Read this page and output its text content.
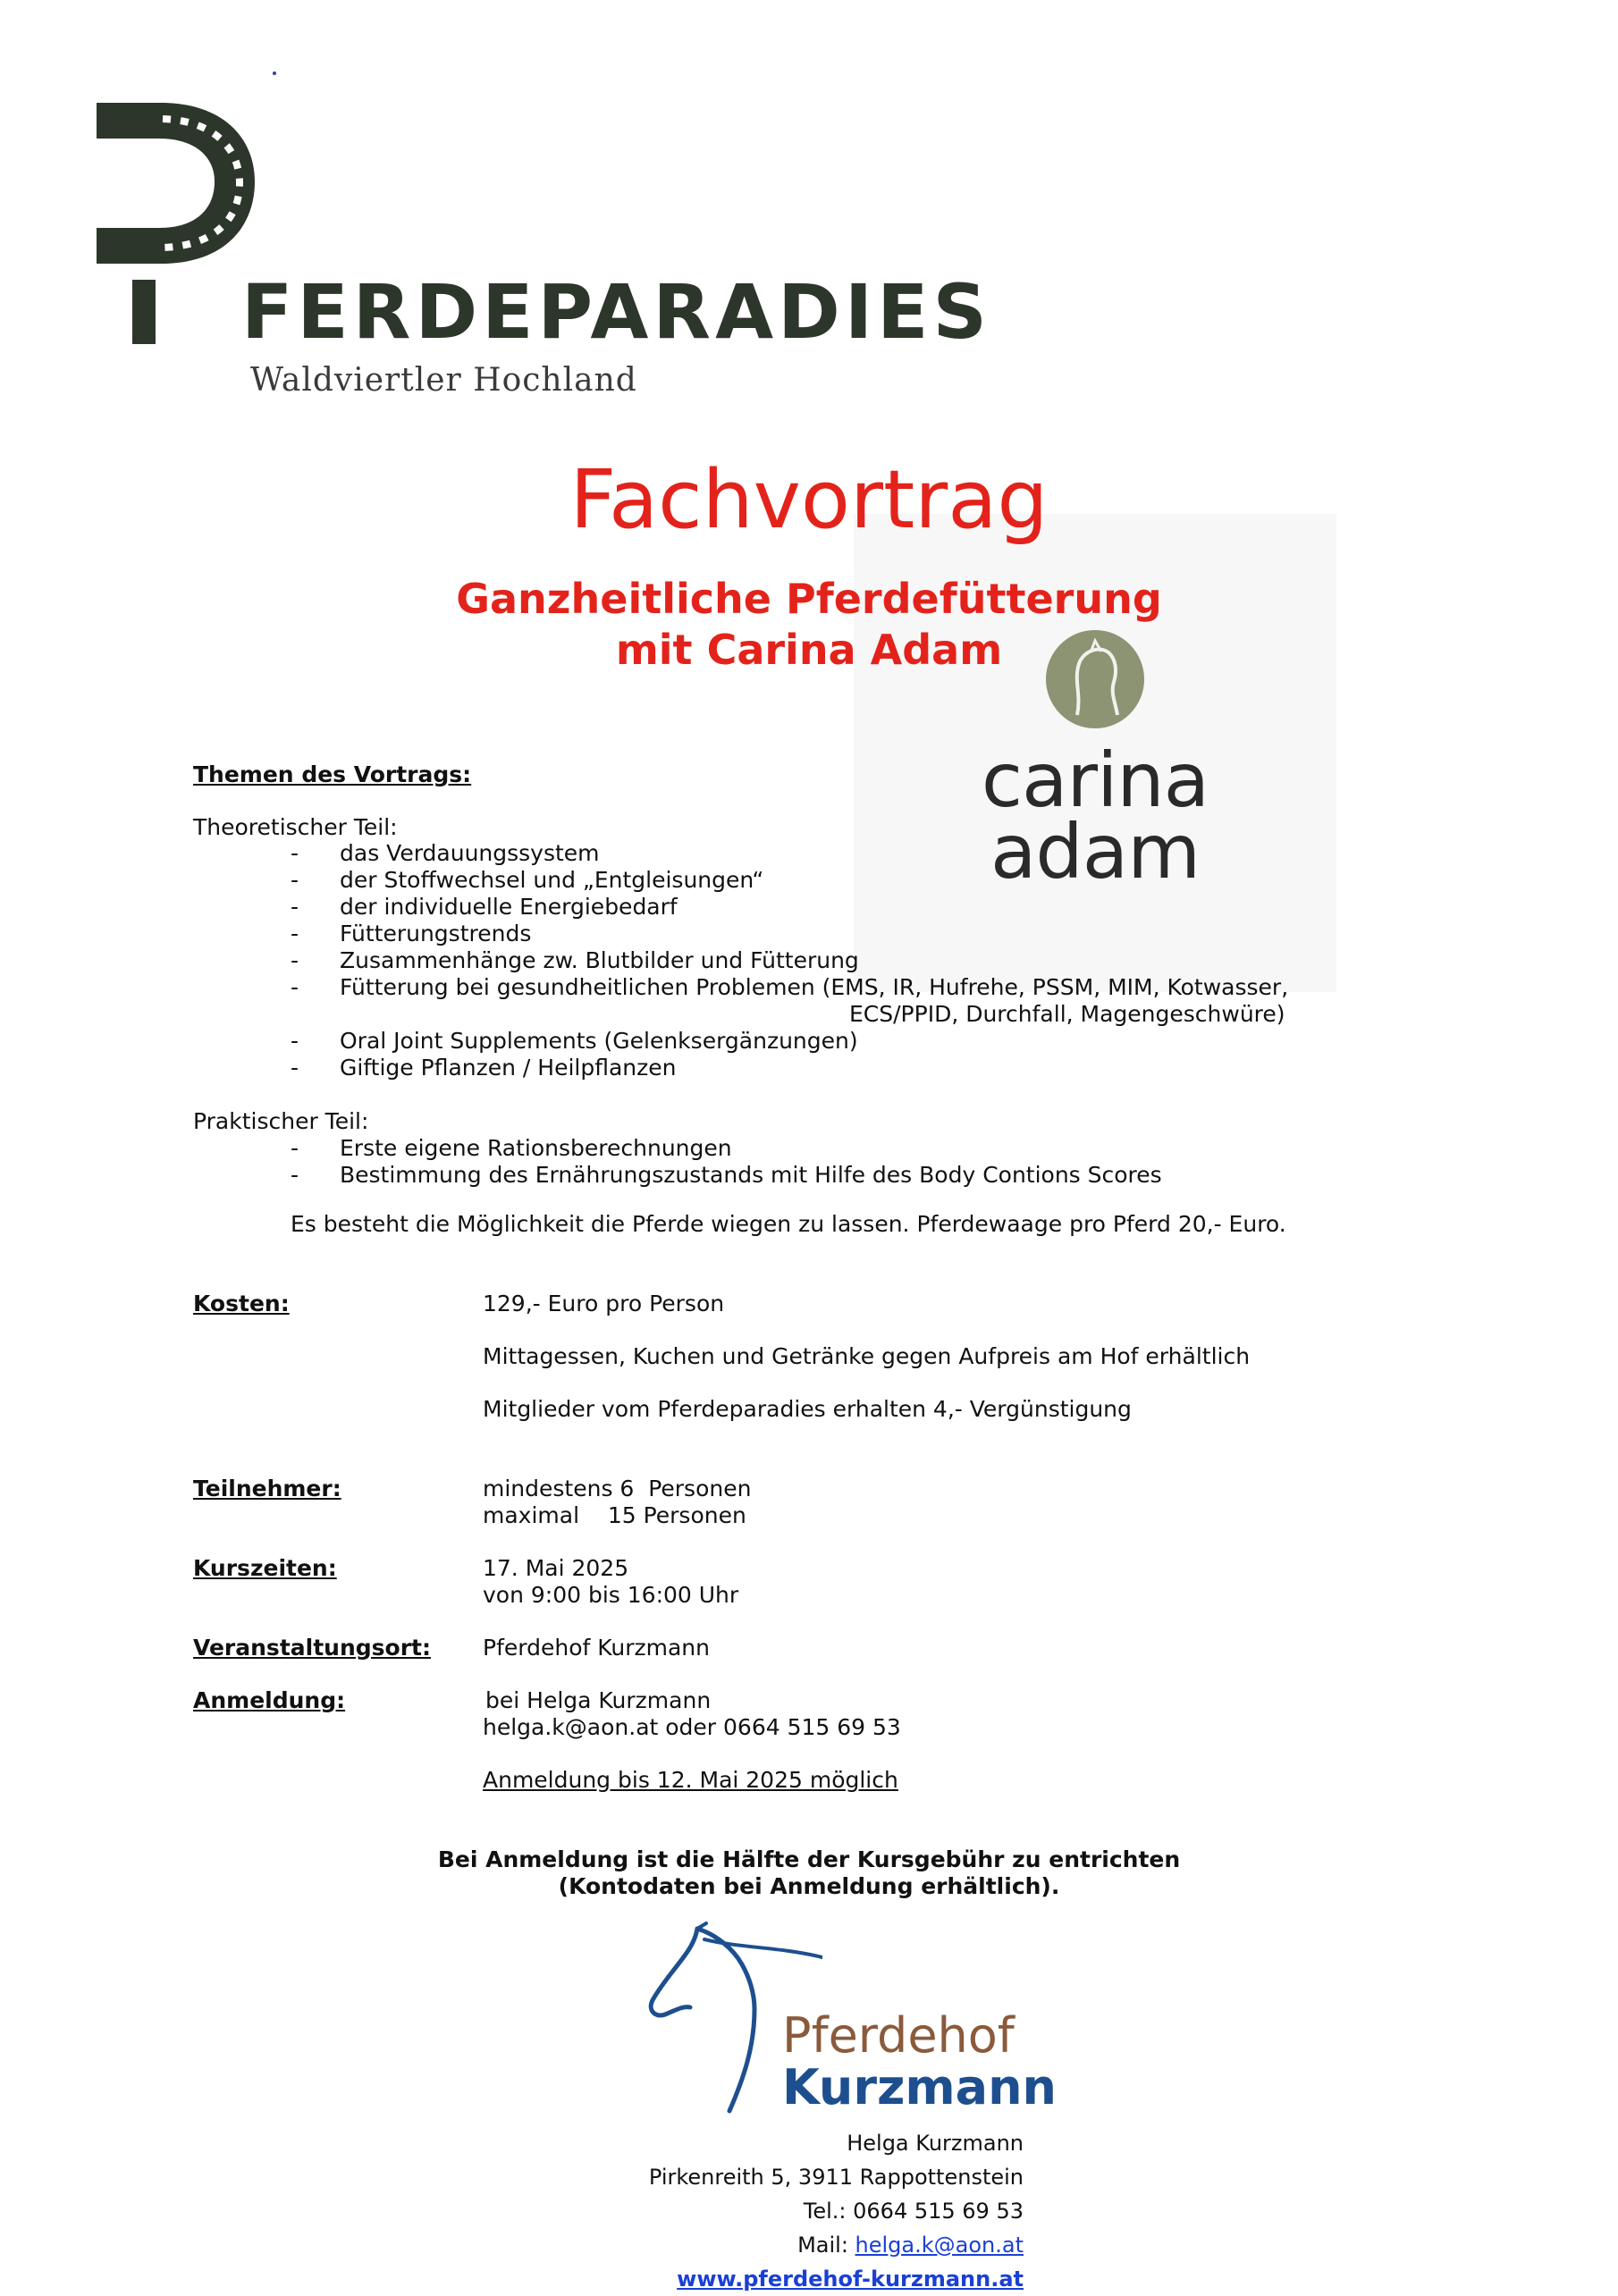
FERDEPARADIES
Waldviertler Hochland
carina
adam
Fachvortrag
Ganzheitliche Pferdefütterung
mit Carina Adam
Themen des Vortrags:
Theoretischer Teil:
- das Verdauungssystem
- der Stoffwechsel und „Entgleisungen“
- der individuelle Energiebedarf
- Fütterungstrends
- Zusammenhänge zw. Blutbilder und Fütterung
- Fütterung bei gesundheitlichen Problemen (EMS, IR, Hufrehe, PSSM, MIM, Kotwasser,
ECS/PPID, Durchfall, Magengeschwüre)
- Oral Joint Supplements (Gelenksergänzungen)
- Giftige Pflanzen / Heilpflanzen
Praktischer Teil:
- Erste eigene Rationsberechnungen
- Bestimmung des Ernährungszustands mit Hilfe des Body Contions Scores
Es besteht die Möglichkeit die Pferde wiegen zu lassen. Pferdewaage pro Pferd 20,- Euro.
Kosten:	129,- Euro pro Person
Mittagessen, Kuchen und Getränke gegen Aufpreis am Hof erhältlich
Mitglieder vom Pferdeparadies erhalten 4,- Vergünstigung
Teilnehmer:	mindestens 6  Personen
maximal    15 Personen
Kurszeiten:	17. Mai 2025
von 9:00 bis 16:00 Uhr
Veranstaltungsort: Pferdehof Kurzmann
Anmeldung:	bei Helga Kurzmann
helga.k@aon.at oder 0664 515 69 53
Anmeldung bis 12. Mai 2025 möglich
Bei Anmeldung ist die Hälfte der Kursgebühr zu entrichten
(Kontodaten bei Anmeldung erhältlich).
Pferdehof
Kurzmann
Helga Kurzmann
Pirkenreith 5, 3911 Rappottenstein
Tel.: 0664 515 69 53
Mail: helga.k@aon.at
www.pferdehof-kurzmann.at
